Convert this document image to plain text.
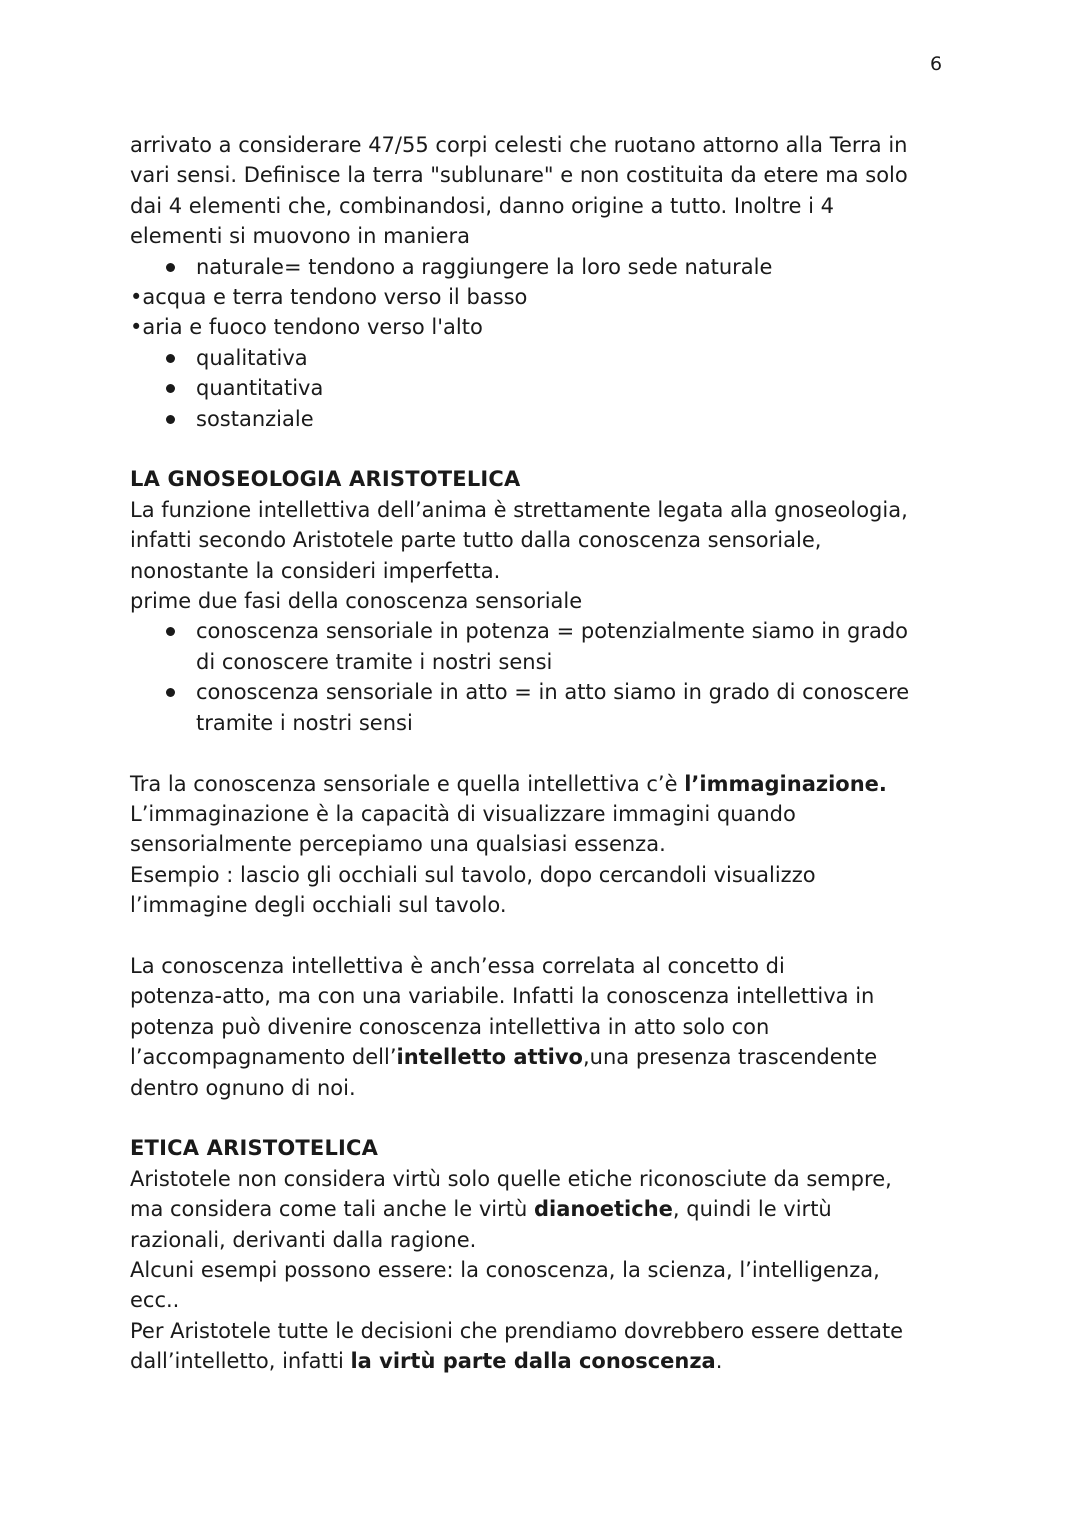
6
arrivato a considerare 47/55 corpi celesti che ruotano attorno alla Terra in
vari sensi. Definisce la terra "sublunare" e non costituita da etere ma solo
dai 4 elementi che, combinandosi, danno origine a tutto. Inoltre i 4
elementi si muovono in maniera
naturale= tendono a raggiungere la loro sede naturale
•acqua e terra tendono verso il basso
•aria e fuoco tendono verso l'alto
qualitativa
quantitativa
sostanziale
LA GNOSEOLOGIA ARISTOTELICA
La funzione intellettiva dell’anima è strettamente legata alla gnoseologia,
infatti secondo Aristotele parte tutto dalla conoscenza sensoriale,
nonostante la consideri imperfetta.
prime due fasi della conoscenza sensoriale
conoscenza sensoriale in potenza = potenzialmente siamo in grado
di conoscere tramite i nostri sensi
conoscenza sensoriale in atto = in atto siamo in grado di conoscere
tramite i nostri sensi
Tra la conoscenza sensoriale e quella intellettiva c’è l’immaginazione.
L’immaginazione è la capacità di visualizzare immagini quando
sensorialmente percepiamo una qualsiasi essenza.
Esempio : lascio gli occhiali sul tavolo, dopo cercandoli visualizzo
l’immagine degli occhiali sul tavolo.
La conoscenza intellettiva è anch’essa correlata al concetto di
potenza-atto, ma con una variabile. Infatti la conoscenza intellettiva in
potenza può divenire conoscenza intellettiva in atto solo con
l’accompagnamento dell’intelletto attivo,una presenza trascendente
dentro ognuno di noi.
ETICA ARISTOTELICA
Aristotele non considera virtù solo quelle etiche riconosciute da sempre,
ma considera come tali anche le virtù dianoetiche, quindi le virtù
razionali, derivanti dalla ragione.
Alcuni esempi possono essere: la conoscenza, la scienza, l’intelligenza,
ecc..
Per Aristotele tutte le decisioni che prendiamo dovrebbero essere dettate
dall’intelletto, infatti la virtù parte dalla conoscenza.
